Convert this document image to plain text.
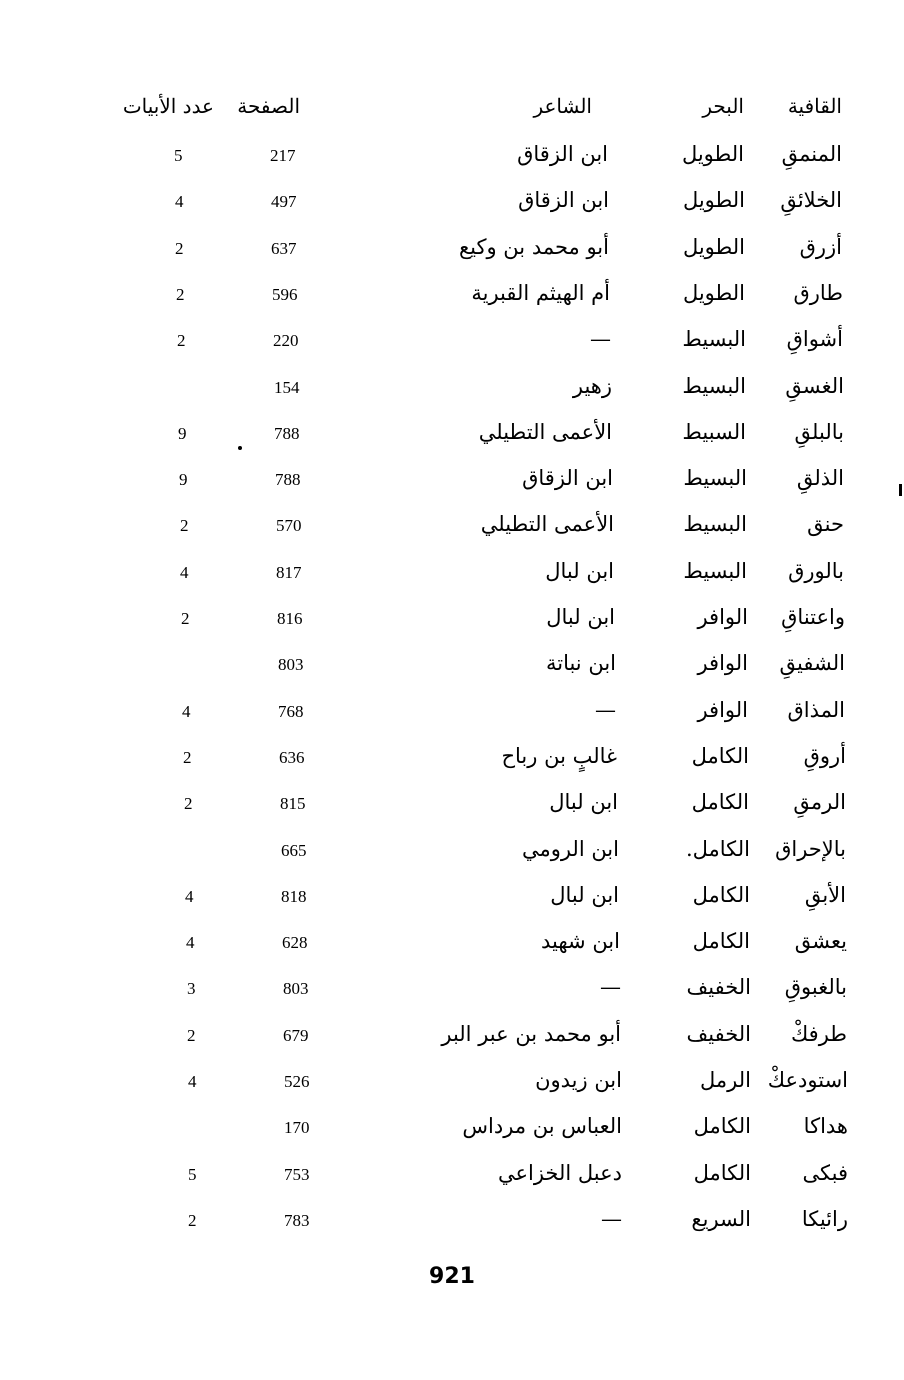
القافية
البحر
الشاعر
الصفحة
عدد الأبيات
المنمقِ
الطويل
ابن الزقاق
217
5
الخلائقِ
الطويل
ابن الزقاق
497
4
أزرق
الطويل
أبو محمد بن وكيع
637
2
طارق
الطويل
أم الهيثم القبرية
596
2
أشواقِ
البسيط
—
220
2
الغسقِ
البسيط
زهير
154
بالبلقِ
السبيط
الأعمى التطيلي
788
9
الذلقِ
البسيط
ابن الزقاق
788
9
حنق
البسيط
الأعمى التطيلي
570
2
بالورق
البسيط
ابن لبال
817
4
واعتناقِ
الوافر
ابن لبال
816
2
الشفيقِ
الوافر
ابن نباتة
803
المذاق
الوافر
—
768
4
أروقِ
الكامل
غالبٍ بن رباح
636
2
الرمقِ
الكامل
ابن لبال
815
2
بالإحراق
الكامل.
ابن الرومي
665
الأبقِ
الكامل
ابن لبال
818
4
يعشق
الكامل
ابن شهيد
628
4
بالغبوقِ
الخفيف
—
803
3
طرفكْ
الخفيف
أبو محمد بن عبر البر
679
2
استودعكْ
الرمل
ابن زيدون
526
4
هداكا
الكامل
العباس بن مرداس
170
فبكى
الكامل
دعبل الخزاعي
753
5
رائيكا
السريع
—
783
2
921
